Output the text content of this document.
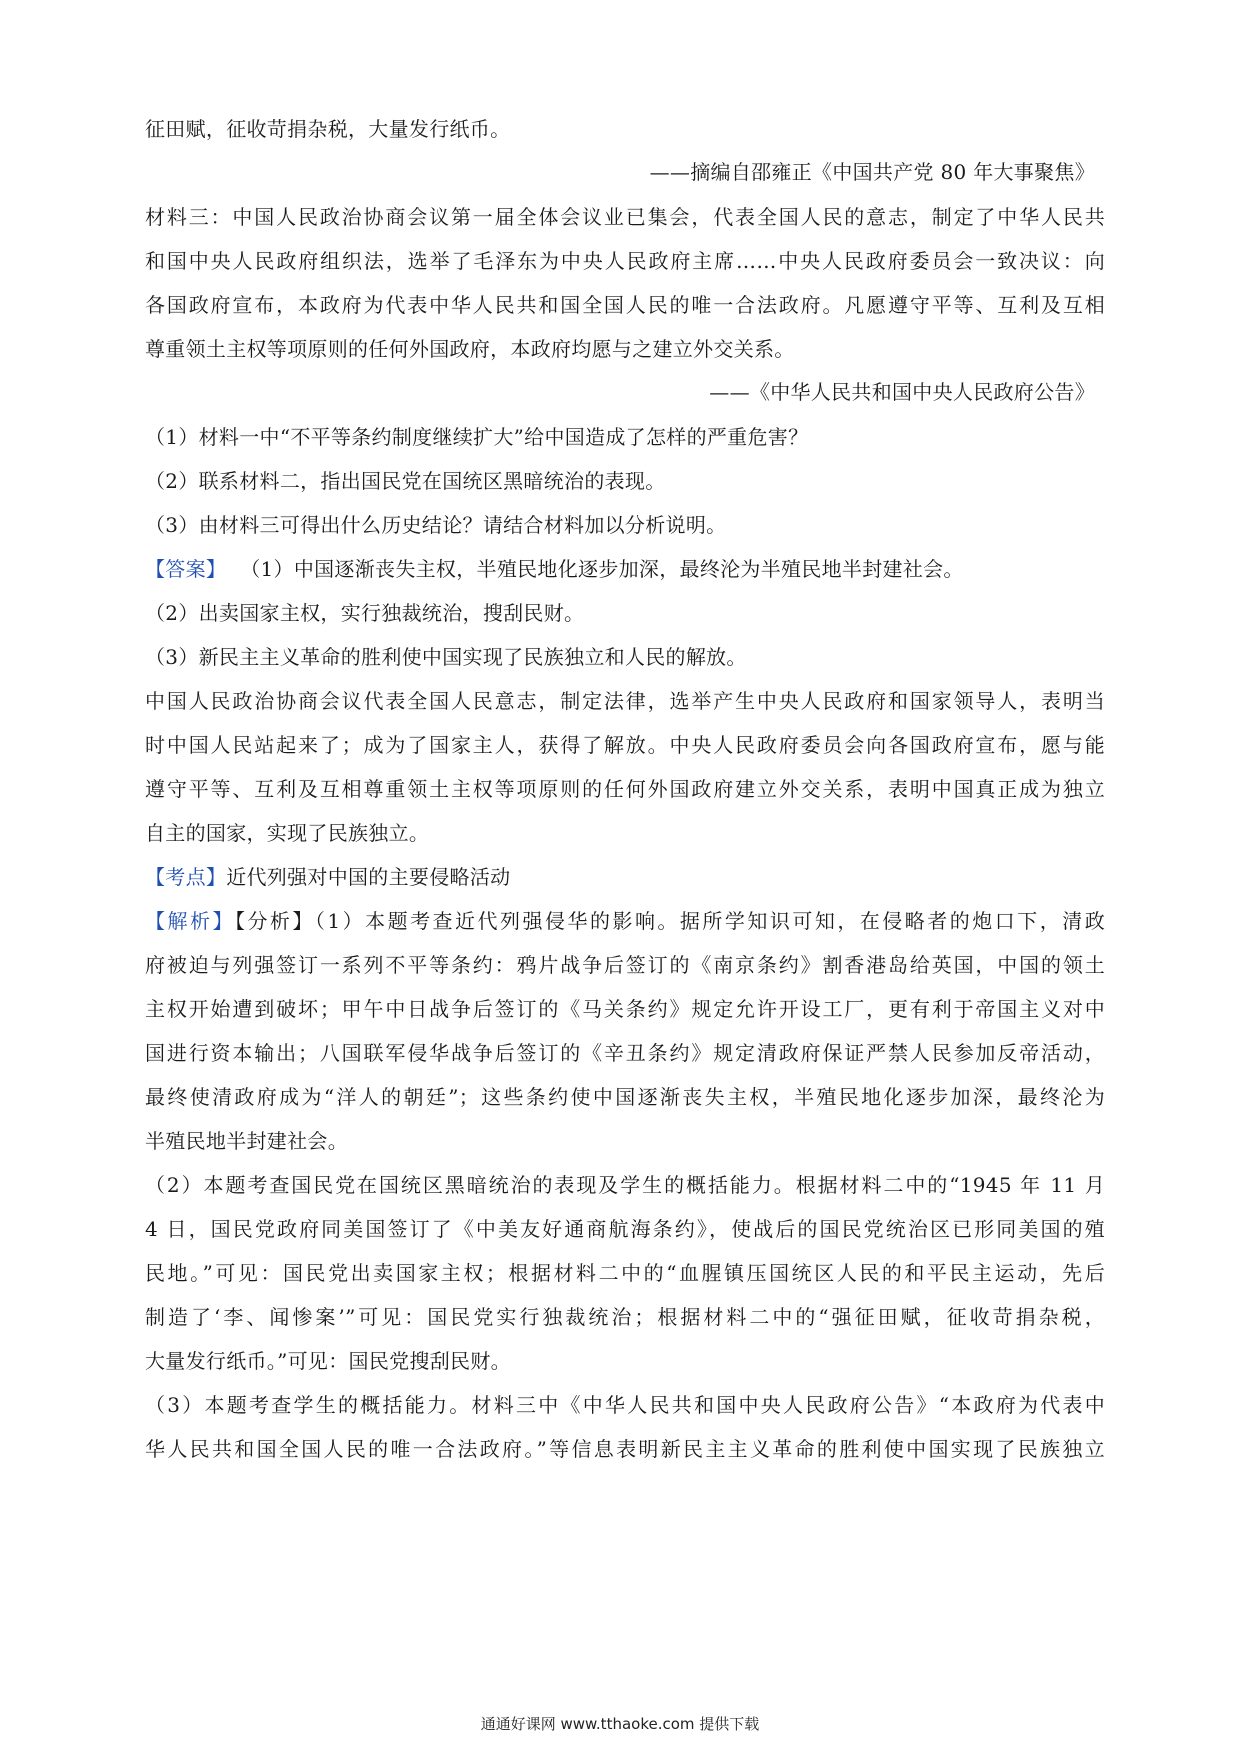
征田赋，征收苛捐杂税，大量发行纸币。
——摘编自邵雍正《中国共产党 80 年大事聚焦》
材料三：中国人民政治协商会议第一届全体会议业已集会，代表全国人民的意志，制定了中华人民共
和国中央人民政府组织法，选举了毛泽东为中央人民政府主席……中央人民政府委员会一致决议：向
各国政府宣布，本政府为代表中华人民共和国全国人民的唯一合法政府。凡愿遵守平等、互利及互相
尊重领土主权等项原则的任何外国政府，本政府均愿与之建立外交关系。
——《中华人民共和国中央人民政府公告》
（1）材料一中“不平等条约制度继续扩大”给中国造成了怎样的严重危害？
（2）联系材料二，指出国民党在国统区黑暗统治的表现。
（3）由材料三可得出什么历史结论？请结合材料加以分析说明。
【答案】 （1）中国逐渐丧失主权，半殖民地化逐步加深，最终沦为半殖民地半封建社会。
（2）出卖国家主权，实行独裁统治，搜刮民财。
（3）新民主主义革命的胜利使中国实现了民族独立和人民的解放。
中国人民政治协商会议代表全国人民意志，制定法律，选举产生中央人民政府和国家领导人，表明当
时中国人民站起来了；成为了国家主人，获得了解放。中央人民政府委员会向各国政府宣布，愿与能
遵守平等、互利及互相尊重领土主权等项原则的任何外国政府建立外交关系，表明中国真正成为独立
自主的国家，实现了民族独立。
【考点】近代列强对中国的主要侵略活动
【解析】【分析】（1）本题考查近代列强侵华的影响。据所学知识可知，在侵略者的炮口下，清政
府被迫与列强签订一系列不平等条约：鸦片战争后签订的《南京条约》割香港岛给英国，中国的领土
主权开始遭到破坏；甲午中日战争后签订的《马关条约》规定允许开设工厂，更有利于帝国主义对中
国进行资本输出；八国联军侵华战争后签订的《辛丑条约》规定清政府保证严禁人民参加反帝活动，
最终使清政府成为“洋人的朝廷”；这些条约使中国逐渐丧失主权，半殖民地化逐步加深，最终沦为
半殖民地半封建社会。
（2）本题考查国民党在国统区黑暗统治的表现及学生的概括能力。根据材料二中的“1945 年 11 月
4 日，国民党政府同美国签订了《中美友好通商航海条约》，使战后的国民党统治区已形同美国的殖
民地。”可见：国民党出卖国家主权；根据材料二中的“血腥镇压国统区人民的和平民主运动，先后
制造了‘李、闻惨案’”可见：国民党实行独裁统治；根据材料二中的“强征田赋，征收苛捐杂税，
大量发行纸币。”可见：国民党搜刮民财。
（3）本题考查学生的概括能力。材料三中《中华人民共和国中央人民政府公告》“本政府为代表中
华人民共和国全国人民的唯一合法政府。”等信息表明新民主主义革命的胜利使中国实现了民族独立
通通好课网 www.tthaoke.com 提供下载
